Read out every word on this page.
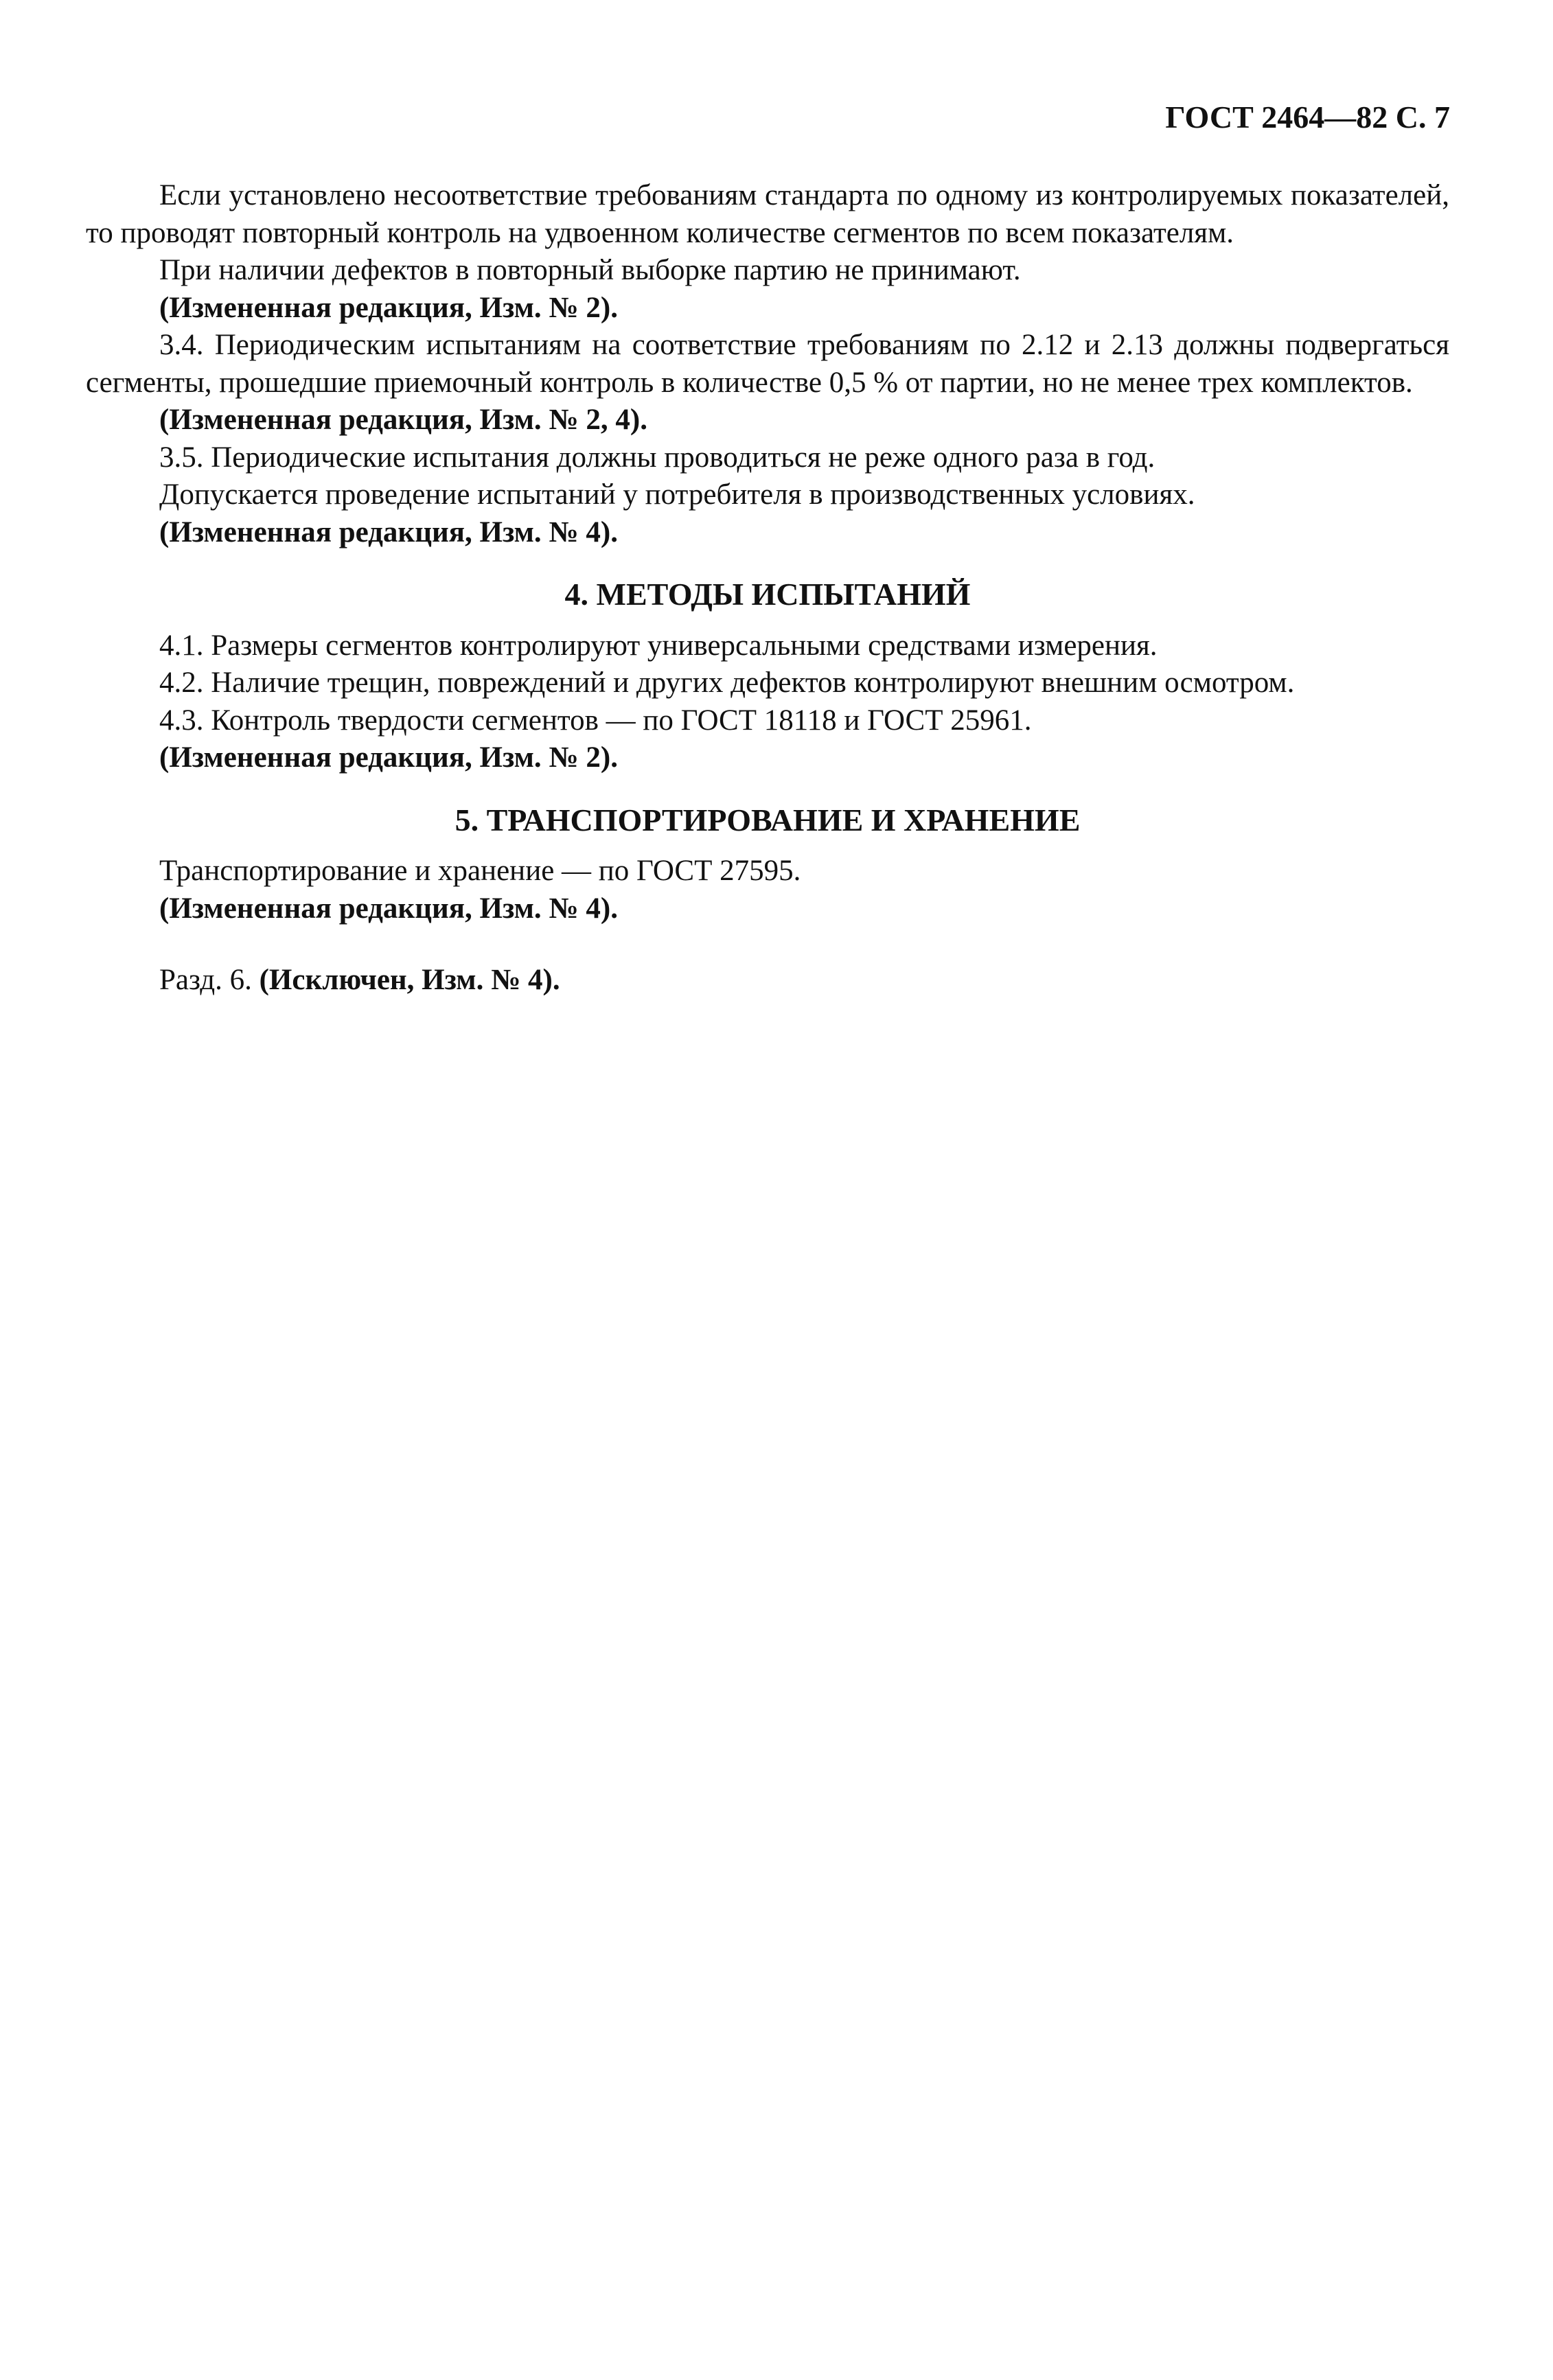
ГОСТ 2464—82 С. 7

Если установлено несоответствие требованиям стандарта по одному из контролируемых показателей, то проводят повторный контроль на удвоенном количестве сегментов по всем показателям.

При наличии дефектов в повторный выборке партию не принимают.

(Измененная редакция, Изм. № 2).

3.4. Периодическим испытаниям на соответствие требованиям по 2.12 и 2.13 должны подвергаться сегменты, прошедшие приемочный контроль в количестве 0,5 % от партии, но не менее трех комплектов.

(Измененная редакция, Изм. № 2, 4).

3.5. Периодические испытания должны проводиться не реже одного раза в год.

Допускается проведение испытаний у потребителя в производственных условиях.

(Измененная редакция, Изм. № 4).

4. МЕТОДЫ ИСПЫТАНИЙ

4.1. Размеры сегментов контролируют универсальными средствами измерения.

4.2. Наличие трещин, повреждений и других дефектов контролируют внешним осмотром.

4.3. Контроль твердости сегментов — по ГОСТ 18118 и ГОСТ 25961.

(Измененная редакция, Изм. № 2).

5. ТРАНСПОРТИРОВАНИЕ И ХРАНЕНИЕ

Транспортирование и хранение — по ГОСТ 27595.

(Измененная редакция, Изм. № 4).

Разд. 6. (Исключен, Изм. № 4).
